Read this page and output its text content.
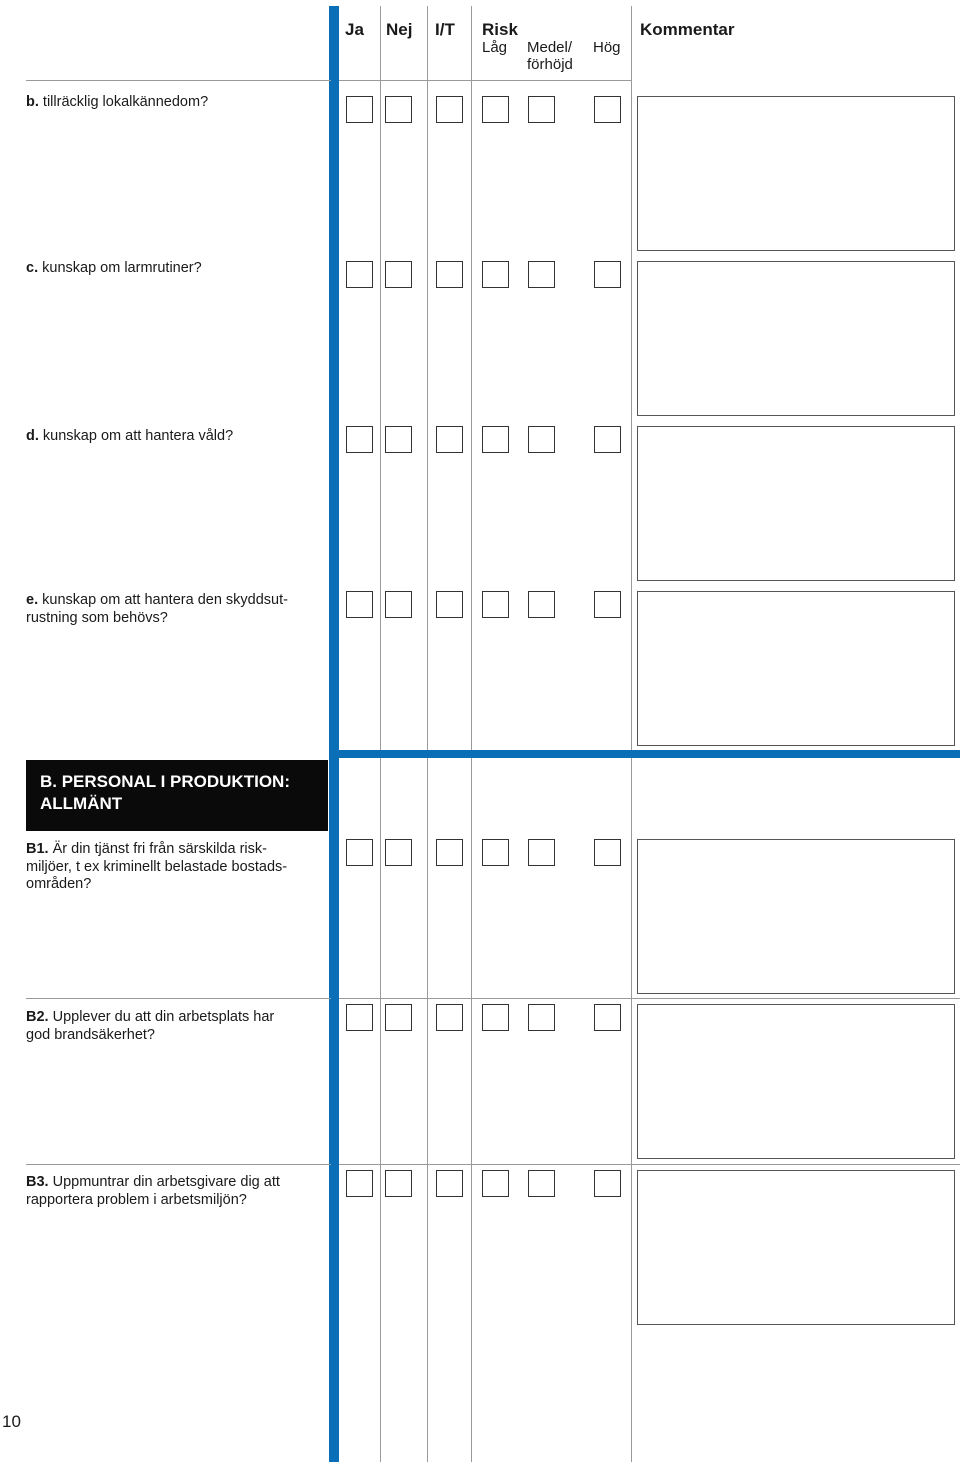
Ja Nej I/T Risk
Låg Medel/
förhöjd
Hög
Kommentar
b. tillräcklig lokalkännedom?
c. kunskap om larmrutiner?
d. kunskap om att hantera våld?
e. kunskap om att hantera den skyddsut-
rustning som behövs?
B. PERSONAL I PRODUKTION:
ALLMÄNT
B1. Är din tjänst fri från särskilda risk-
miljöer, t ex kriminellt belastade bostads-
områden?
B2. Upplever du att din arbetsplats har
god brandsäkerhet?
B3. Uppmuntrar din arbetsgivare dig att
rapportera problem i arbetsmiljön?
10
